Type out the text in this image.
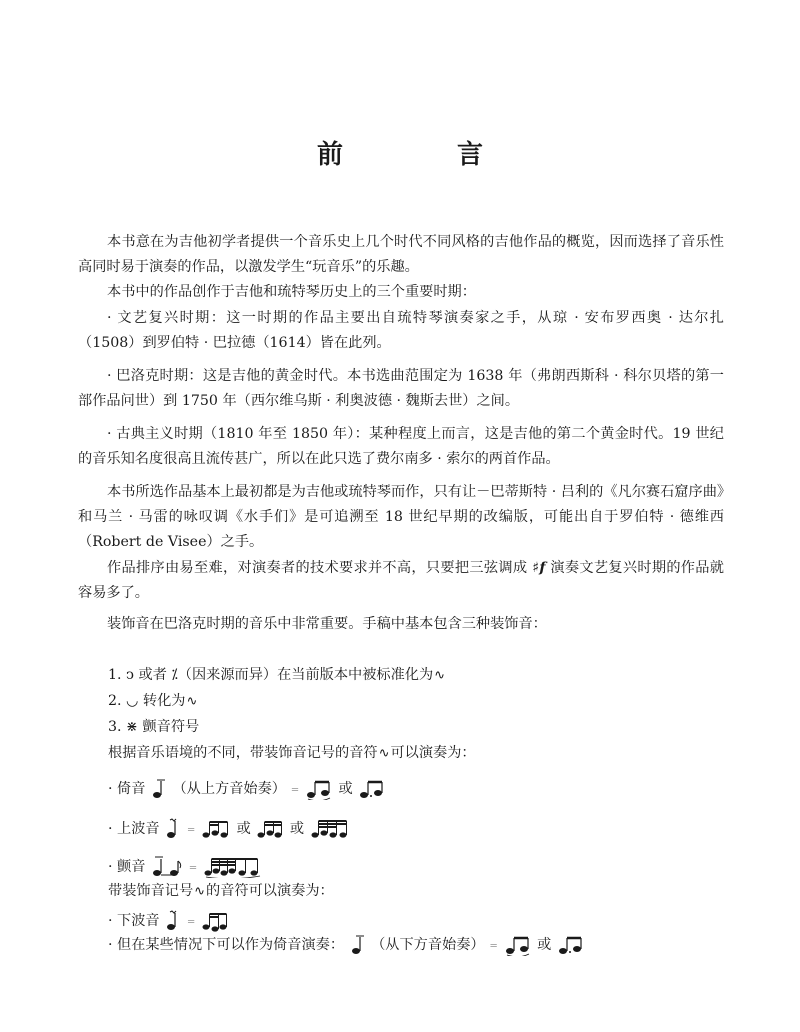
前　言

本书意在为吉他初学者提供一个音乐史上几个时代不同风格的吉他作品的概览，因而选择了音乐性高同时易于演奏的作品，以激发学生“玩音乐”的乐趣。

本书中的作品创作于吉他和琉特琴历史上的三个重要时期：

· 文艺复兴时期：这一时期的作品主要出自琉特琴演奏家之手，从琼 · 安布罗西奥 · 达尔扎（1508）到罗伯特 · 巴拉德（1614）皆在此列。

· 巴洛克时期：这是吉他的黄金时代。本书选曲范围定为 1638 年（弗朗西斯科 · 科尔贝塔的第一部作品问世）到 1750 年（西尔维乌斯 · 利奥波德 · 魏斯去世）之间。

· 古典主义时期（1810 年至 1850 年）：某种程度上而言，这是吉他的第二个黄金时代。19 世纪的音乐知名度很高且流传甚广，所以在此只选了费尔南多 · 索尔的两首作品。

本书所选作品基本上最初都是为吉他或琉特琴而作，只有让－巴蒂斯特 · 吕利的《凡尔赛石窟序曲》和马兰 · 马雷的咏叹调《水手们》是可追溯至 18 世纪早期的改编版，可能出自于罗伯特 · 德维西（Robert de Visee）之手。

作品排序由易至难，对演奏者的技术要求并不高，只要把三弦调成 ♯f 演奏文艺复兴时期的作品就容易多了。

装饰音在巴洛克时期的音乐中非常重要。手稿中基本包含三种装饰音：

1. ͻ 或者 ⁒（因来源而异）在当前版本中被标准化为∿

2. ◡ 转化为∿

3. ⋇ 颤音符号

根据音乐语境的不同，带装饰音记号的音符∿可以演奏为：

· 倚音 （从上方音始奏） ＝	或

· 上波音	＝	或	或

· 颤音	＝

带装饰音记号∿的音符可以演奏为：

· 下波音	＝

· 但在某些情况下可以作为倚音演奏： （从下方音始奏） ＝	或
